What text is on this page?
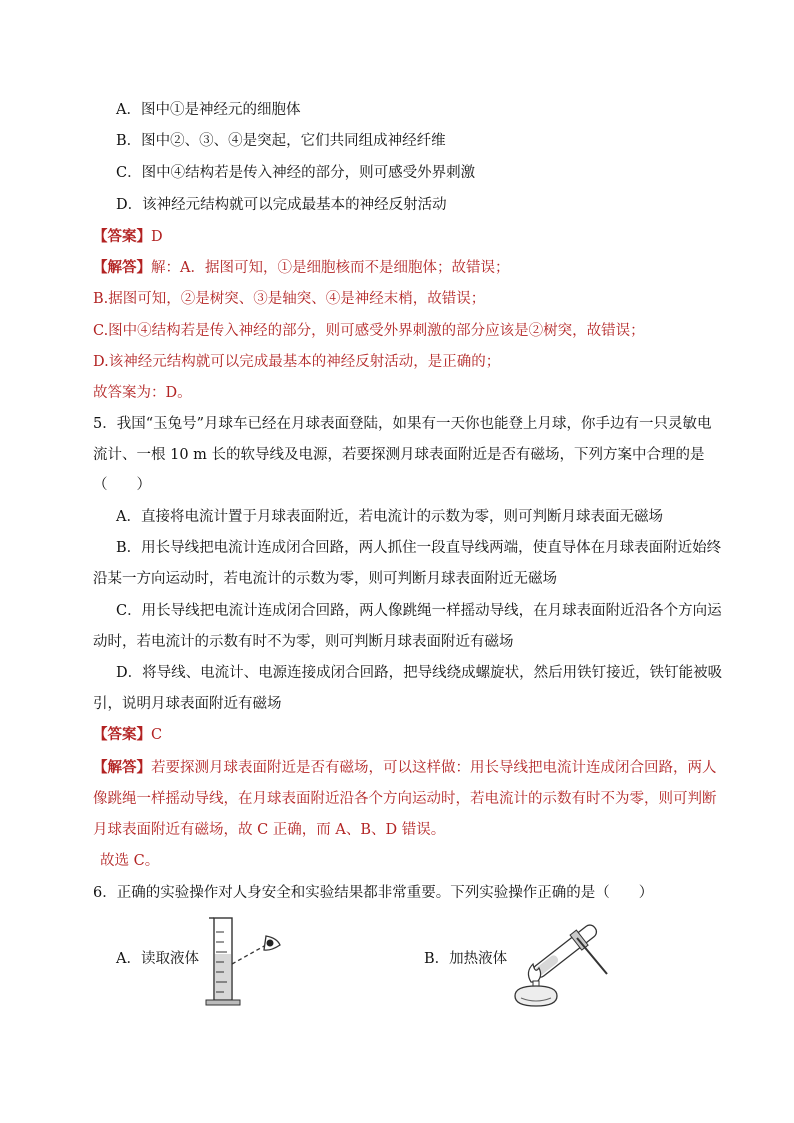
A．图中①是神经元的细胞体
B．图中②、③、④是突起，它们共同组成神经纤维
C．图中④结构若是传入神经的部分，则可感受外界刺激
D．该神经元结构就可以完成最基本的神经反射活动
【答案】D
【解答】解：A．据图可知，①是细胞核而不是细胞体；故错误；
B.据图可知，②是树突、③是轴突、④是神经末梢，故错误；
C.图中④结构若是传入神经的部分，则可感受外界刺激的部分应该是②树突，故错误；
D.该神经元结构就可以完成最基本的神经反射活动，是正确的；
故答案为：D。
5．我国“玉兔号”月球车已经在月球表面登陆，如果有一天你也能登上月球，你手边有一只灵敏电
流计、一根 10 m 长的软导线及电源，若要探测月球表面附近是否有磁场，下列方案中合理的是
（　　）
A．直接将电流计置于月球表面附近，若电流计的示数为零，则可判断月球表面无磁场
B．用长导线把电流计连成闭合回路，两人抓住一段直导线两端，使直导体在月球表面附近始终
沿某一方向运动时，若电流计的示数为零，则可判断月球表面附近无磁场
C．用长导线把电流计连成闭合回路，两人像跳绳一样摇动导线，在月球表面附近沿各个方向运
动时，若电流计的示数有时不为零，则可判断月球表面附近有磁场
D．将导线、电流计、电源连接成闭合回路，把导线绕成螺旋状，然后用铁钉接近，铁钉能被吸
引，说明月球表面附近有磁场
【答案】C
【解答】若要探测月球表面附近是否有磁场，可以这样做：用长导线把电流计连成闭合回路，两人
像跳绳一样摇动导线，在月球表面附近沿各个方向运动时，若电流计的示数有时不为零，则可判断
月球表面附近有磁场，故 C 正确，而 A、B、D 错误。
故选 C。
6．正确的实验操作对人身安全和实验结果都非常重要。下列实验操作正确的是（　　）
A．读取液体	B．加热液体
